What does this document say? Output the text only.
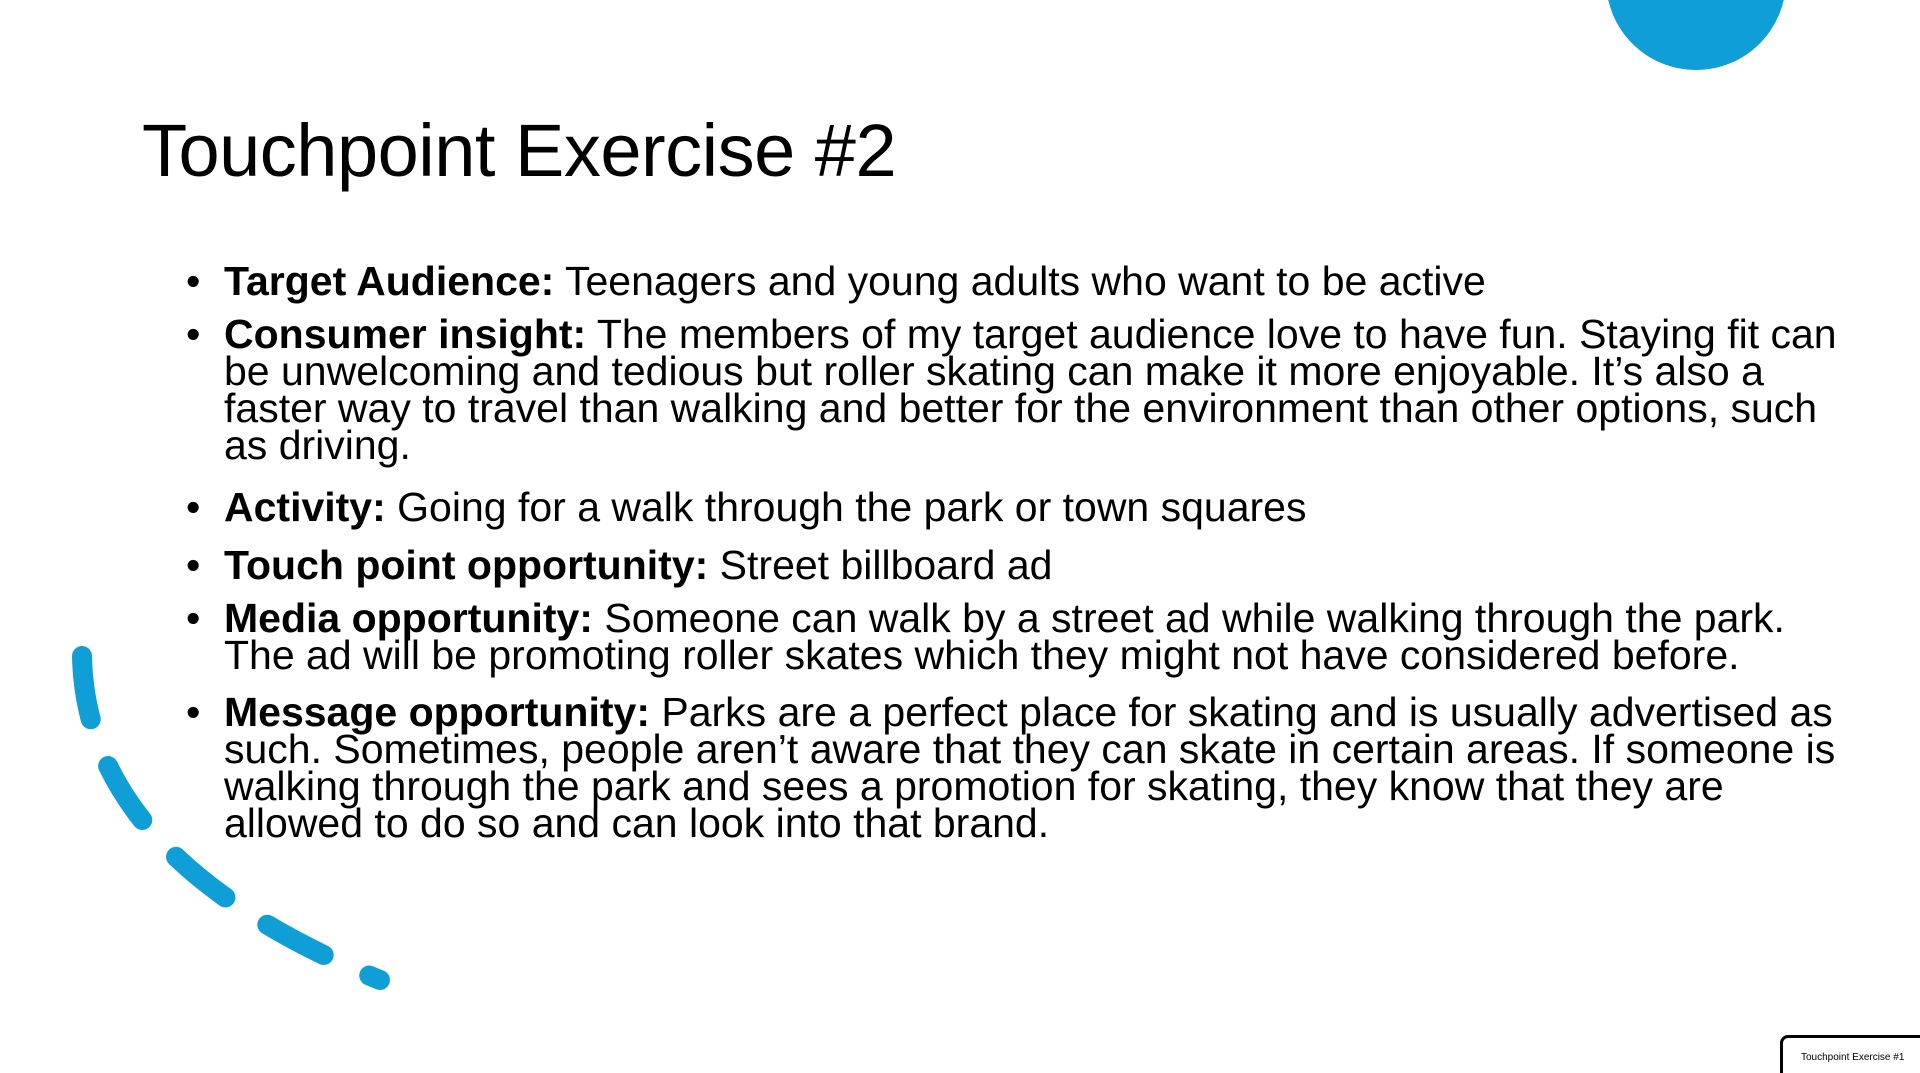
Touchpoint Exercise #2
• Target Audience: Teenagers and young adults who want to be active
• Consumer insight: The members of my target audience love to have fun. Staying fit can be unwelcoming and tedious but roller skating can make it more enjoyable. It’s also a faster way to travel than walking and better for the environment than other options, such as driving.
• Activity: Going for a walk through the park or town squares
• Touch point opportunity: Street billboard ad
• Media opportunity: Someone can walk by a street ad while walking through the park. The ad will be promoting roller skates which they might not have considered before.
• Message opportunity: Parks are a perfect place for skating and is usually advertised as such. Sometimes, people aren’t aware that they can skate in certain areas. If someone is walking through the park and sees a promotion for skating, they know that they are allowed to do so and can look into that brand.
Touchpoint Exercise #1
